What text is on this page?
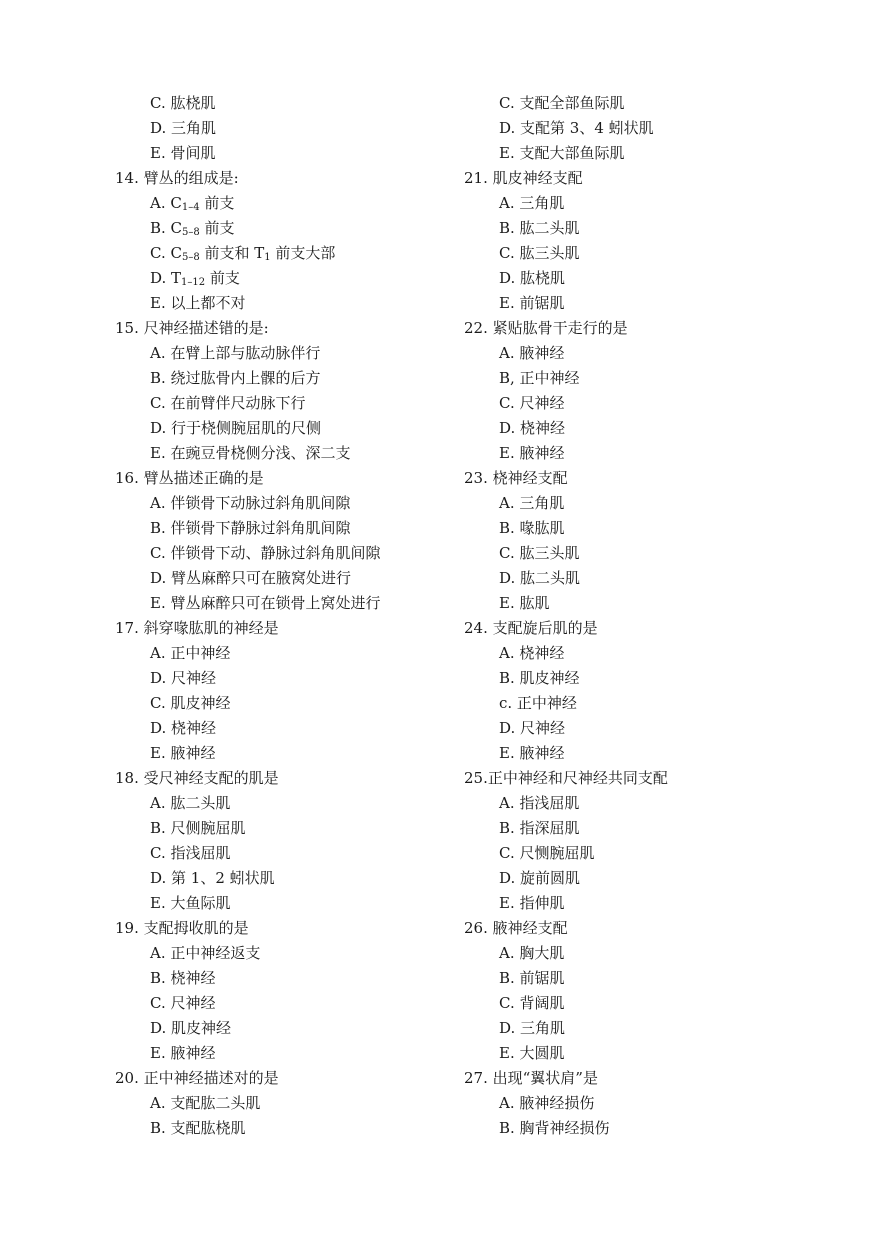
C. 肱桡肌
D. 三角肌
E. 骨间肌
14. 臂丛的组成是:
A. $C_{1-4}$ 前支
B. $C_{5-8}$ 前支
C. $C_{5-8}$ 前支和 $T_1$ 前支大部
D. $T_{1-12}$ 前支
E. 以上都不对
15. 尺神经描述错的是:
A. 在臂上部与肱动脉伴行
B. 绕过肱骨内上髁的后方
C. 在前臂伴尺动脉下行
D. 行于桡侧腕屈肌的尺侧
E. 在豌豆骨桡侧分浅、深二支
16. 臂丛描述正确的是
A. 伴锁骨下动脉过斜角肌间隙
B. 伴锁骨下静脉过斜角肌间隙
C. 伴锁骨下动、静脉过斜角肌间隙
D. 臂丛麻醉只可在腋窝处进行
E. 臂丛麻醉只可在锁骨上窝处进行
17. 斜穿喙肱肌的神经是
A. 正中神经
D. 尺神经
C. 肌皮神经
D. 桡神经
E. 腋神经
18. 受尺神经支配的肌是
A. 肱二头肌
B. 尺侧腕屈肌
C. 指浅屈肌
D. 第 1、2 蚓状肌
E. 大鱼际肌
19. 支配拇收肌的是
A. 正中神经返支
B. 桡神经
C. 尺神经
D. 肌皮神经
E. 腋神经
20. 正中神经描述对的是
A. 支配肱二头肌
B. 支配肱桡肌
C. 支配全部鱼际肌
D. 支配第 3、4 蚓状肌
E. 支配大部鱼际肌
21. 肌皮神经支配
A. 三角肌
B. 肱二头肌
C. 肱三头肌
D. 肱桡肌
E. 前锯肌
22. 紧贴肱骨干走行的是
A. 腋神经
B, 正中神经
C. 尺神经
D. 桡神经
E. 腋神经
23. 桡神经支配
A. 三角肌
B. 喙肱肌
C. 肱三头肌
D. 肱二头肌
E. 肱肌
24. 支配旋后肌的是
A. 桡神经
B. 肌皮神经
c. 正中神经
D. 尺神经
E. 腋神经
25.正中神经和尺神经共同支配
A. 指浅屈肌
B. 指深屈肌
C. 尺恻腕屈肌
D. 旋前圆肌
E. 指伸肌
26. 腋神经支配
A. 胸大肌
B. 前锯肌
C. 背阔肌
D. 三角肌
E. 大圆肌
27. 出现“翼状肩”是
A. 腋神经损伤
B. 胸背神经损伤
